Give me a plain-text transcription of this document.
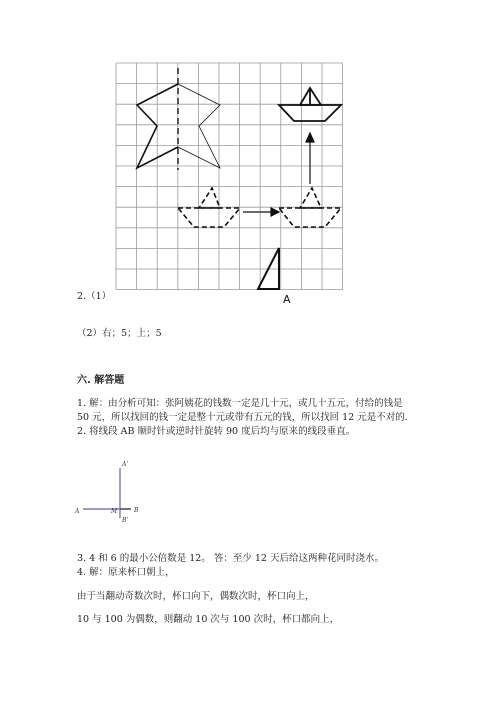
A
A'
A	M	B
B'
2.（1）
（2）右；5；上；5
六. 解答题
1. 解：由分析可知：张阿姨花的钱数一定是几十元，或几十五元，付给的钱是
50 元，所以找回的钱一定是整十元或带有五元的钱，所以找回 12 元是不对的.
2. 将线段 AB 顺时针或逆时针旋转 90 度后均与原来的线段垂直。
3. 4 和 6 的最小公倍数是 12。 答：至少 12 天后给这两种花同时浇水。
4. 解：原来杯口朝上，
由于当翻动奇数次时，杯口向下，偶数次时，杯口向上，
10 与 100 为偶数，则翻动 10 次与 100 次时，杯口都向上，
